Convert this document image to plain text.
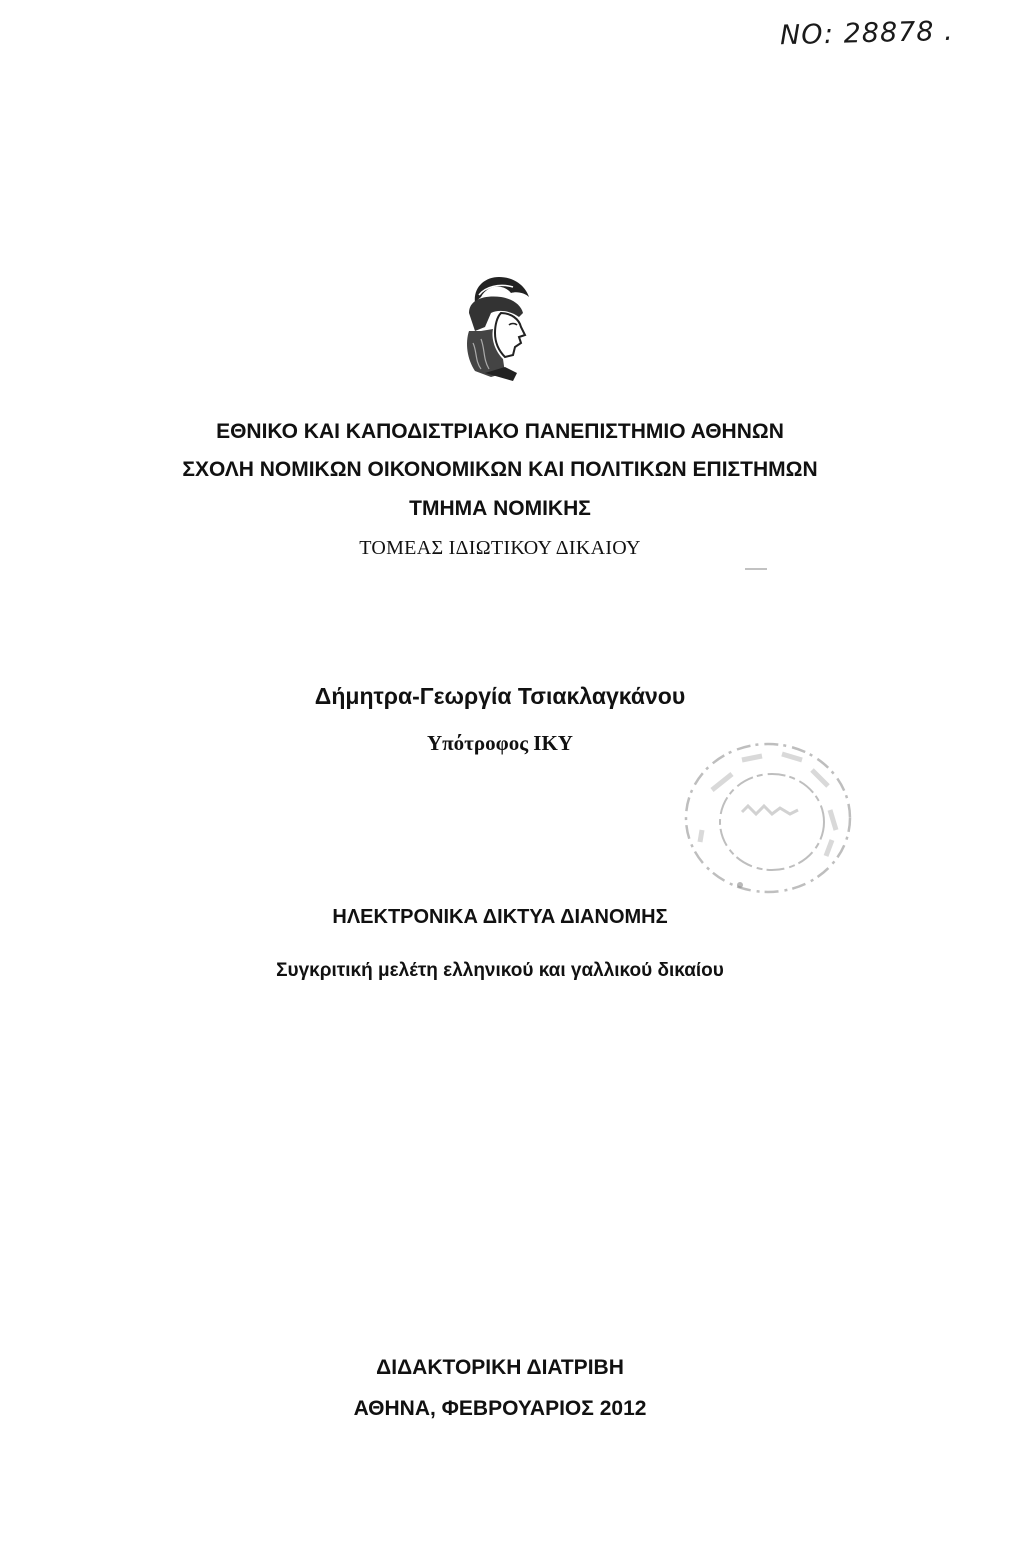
NO: 28878 .
ΕΘΝΙΚΟ ΚΑΙ ΚΑΠΟΔΙΣΤΡΙΑΚΟ ΠΑΝΕΠΙΣΤΗΜΙΟ ΑΘΗΝΩΝ
ΣΧΟΛΗ ΝΟΜΙΚΩΝ ΟΙΚΟΝΟΜΙΚΩΝ ΚΑΙ ΠΟΛΙΤΙΚΩΝ ΕΠΙΣΤΗΜΩΝ
ΤΜΗΜΑ ΝΟΜΙΚΗΣ
ΤΟΜΕΑΣ ΙΔΙΩΤΙΚΟΥ ΔΙΚΑΙΟΥ
Δήμητρα-Γεωργία Τσιακλαγκάνου
Υπότροφος ΙΚΥ
ΗΛΕΚΤΡΟΝΙΚΑ ΔΙΚΤΥΑ ΔΙΑΝΟΜΗΣ
Συγκριτική μελέτη ελληνικού και γαλλικού δικαίου
ΔΙΔΑΚΤΟΡΙΚΗ ΔΙΑΤΡΙΒΗ
ΑΘΗΝΑ, ΦΕΒΡΟΥΑΡΙΟΣ 2012
